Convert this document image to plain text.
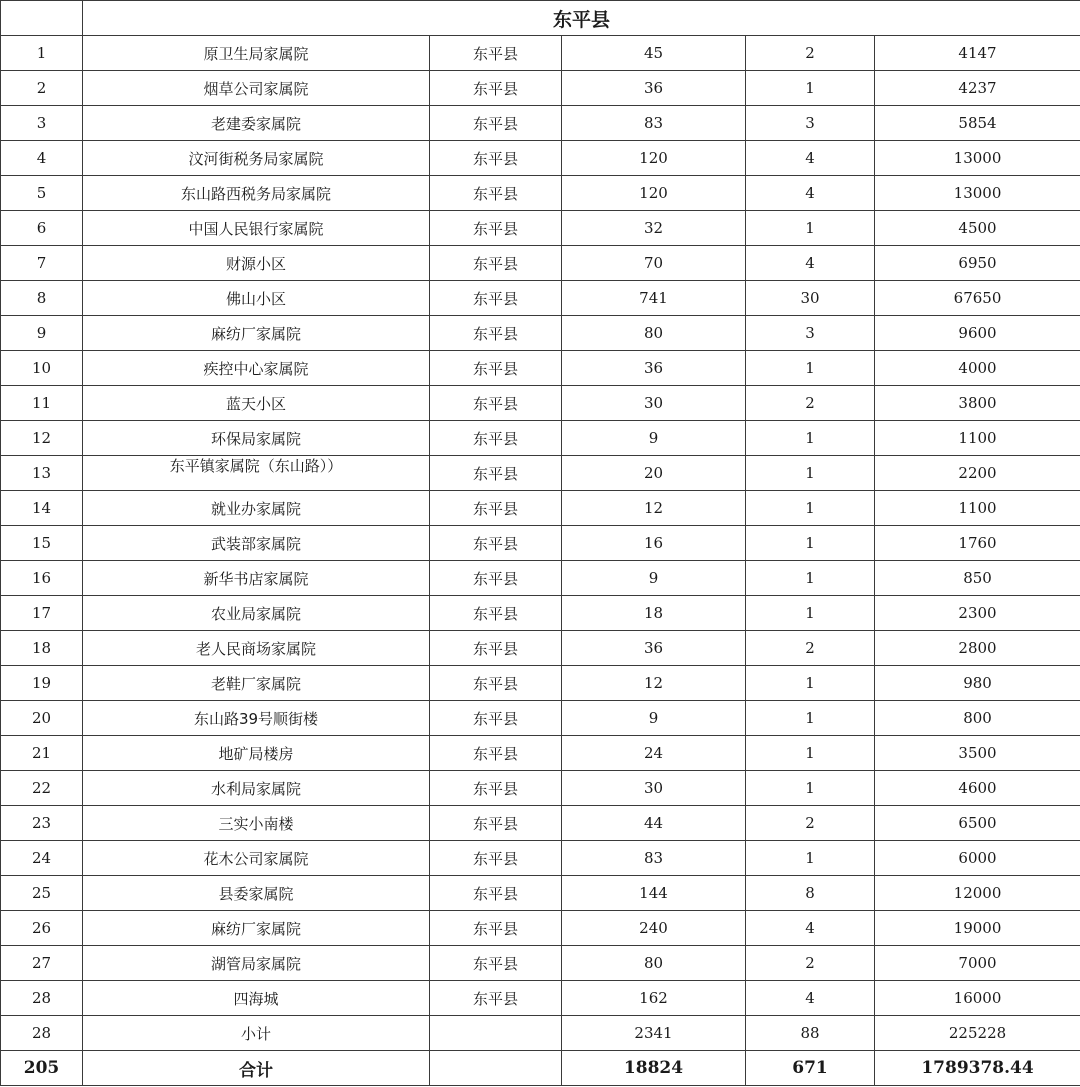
	东平县				
1	原卫生局家属院	东平县	45	2	4147
2	烟草公司家属院	东平县	36	1	4237
3	老建委家属院	东平县	83	3	5854
4	汶河街税务局家属院	东平县	120	4	13000
5	东山路西税务局家属院	东平县	120	4	13000
6	中国人民银行家属院	东平县	32	1	4500
7	财源小区	东平县	70	4	6950
8	佛山小区	东平县	741	30	67650
9	麻纺厂家属院	东平县	80	3	9600
10	疾控中心家属院	东平县	36	1	4000
11	蓝天小区	东平县	30	2	3800
12	环保局家属院	东平县	9	1	1100
13	东平镇家属院（东山路））	东平县	20	1	2200
14	就业办家属院	东平县	12	1	1100
15	武装部家属院	东平县	16	1	1760
16	新华书店家属院	东平县	9	1	850
17	农业局家属院	东平县	18	1	2300
18	老人民商场家属院	东平县	36	2	2800
19	老鞋厂家属院	东平县	12	1	980
20	东山路39号顺街楼	东平县	9	1	800
21	地矿局楼房	东平县	24	1	3500
22	水利局家属院	东平县	30	1	4600
23	三实小南楼	东平县	44	2	6500
24	花木公司家属院	东平县	83	1	6000
25	县委家属院	东平县	144	8	12000
26	麻纺厂家属院	东平县	240	4	19000
27	湖管局家属院	东平县	80	2	7000
28	四海城	东平县	162	4	16000
28	小计		2341	88	225228
205	合计		18824	671	1789378.44
